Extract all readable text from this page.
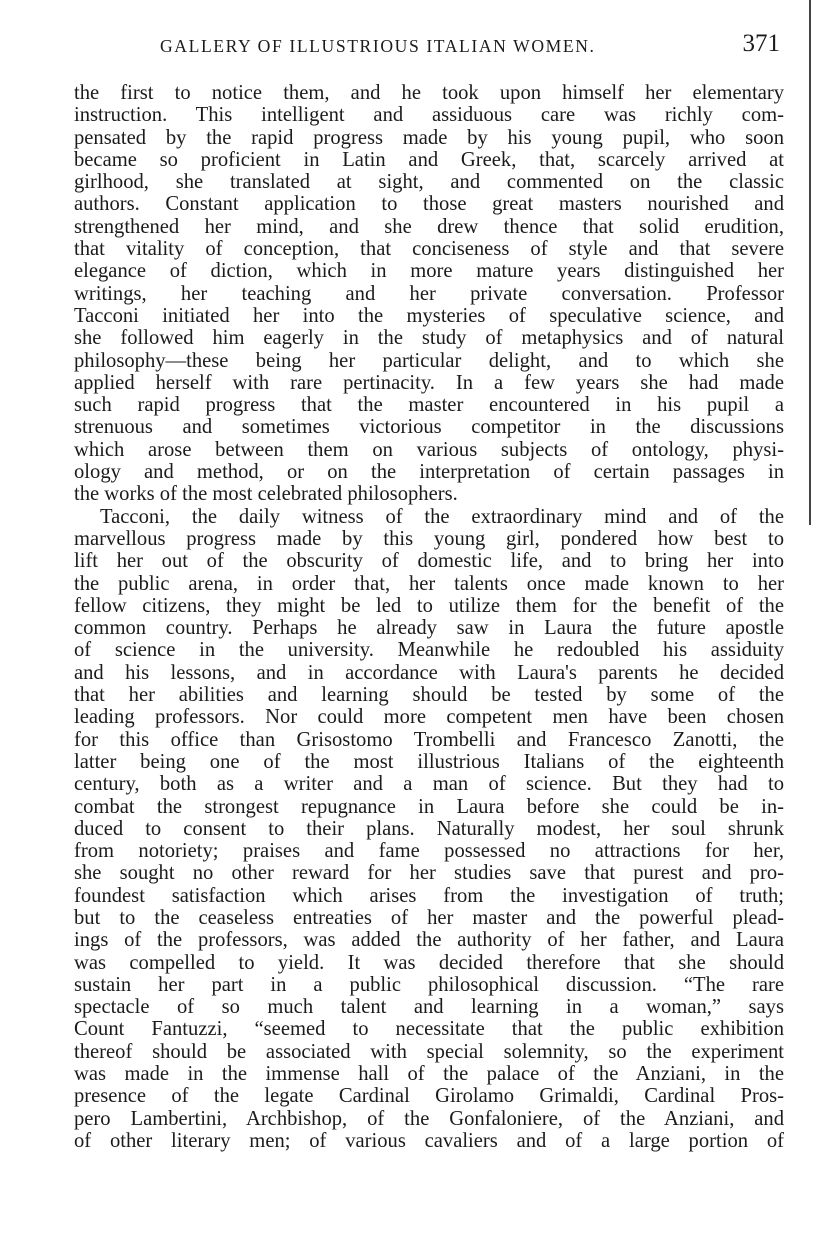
GALLERY OF ILLUSTRIOUS ITALIAN WOMEN.	371
the first to notice them, and he took upon himself her elementary
instruction. This intelligent and assiduous care was richly com-
pensated by the rapid progress made by his young pupil, who soon
became so proficient in Latin and Greek, that, scarcely arrived at
girlhood, she translated at sight, and commented on the classic
authors. Constant application to those great masters nourished and
strengthened her mind, and she drew thence that solid erudition,
that vitality of conception, that conciseness of style and that severe
elegance of diction, which in more mature years distinguished her
writings, her teaching and her private conversation. Professor
Tacconi initiated her into the mysteries of speculative science, and
she followed him eagerly in the study of metaphysics and of natural
philosophy—these being her particular delight, and to which she
applied herself with rare pertinacity. In a few years she had made
such rapid progress that the master encountered in his pupil a
strenuous and sometimes victorious competitor in the discussions
which arose between them on various subjects of ontology, physi-
ology and method, or on the interpretation of certain passages in
the works of the most celebrated philosophers.
Tacconi, the daily witness of the extraordinary mind and of the
marvellous progress made by this young girl, pondered how best to
lift her out of the obscurity of domestic life, and to bring her into
the public arena, in order that, her talents once made known to her
fellow citizens, they might be led to utilize them for the benefit of the
common country. Perhaps he already saw in Laura the future apostle
of science in the university. Meanwhile he redoubled his assiduity
and his lessons, and in accordance with Laura's parents he decided
that her abilities and learning should be tested by some of the
leading professors. Nor could more competent men have been chosen
for this office than Grisostomo Trombelli and Francesco Zanotti, the
latter being one of the most illustrious Italians of the eighteenth
century, both as a writer and a man of science. But they had to
combat the strongest repugnance in Laura before she could be in-
duced to consent to their plans. Naturally modest, her soul shrunk
from notoriety; praises and fame possessed no attractions for her,
she sought no other reward for her studies save that purest and pro-
foundest satisfaction which arises from the investigation of truth;
but to the ceaseless entreaties of her master and the powerful plead-
ings of the professors, was added the authority of her father, and Laura
was compelled to yield. It was decided therefore that she should
sustain her part in a public philosophical discussion. “The rare
spectacle of so much talent and learning in a woman,” says
Count Fantuzzi, “seemed to necessitate that the public exhibition
thereof should be associated with special solemnity, so the experiment
was made in the immense hall of the palace of the Anziani, in the
presence of the legate Cardinal Girolamo Grimaldi, Cardinal Pros-
pero Lambertini, Archbishop, of the Gonfaloniere, of the Anziani, and
of other literary men; of various cavaliers and of a large portion of
